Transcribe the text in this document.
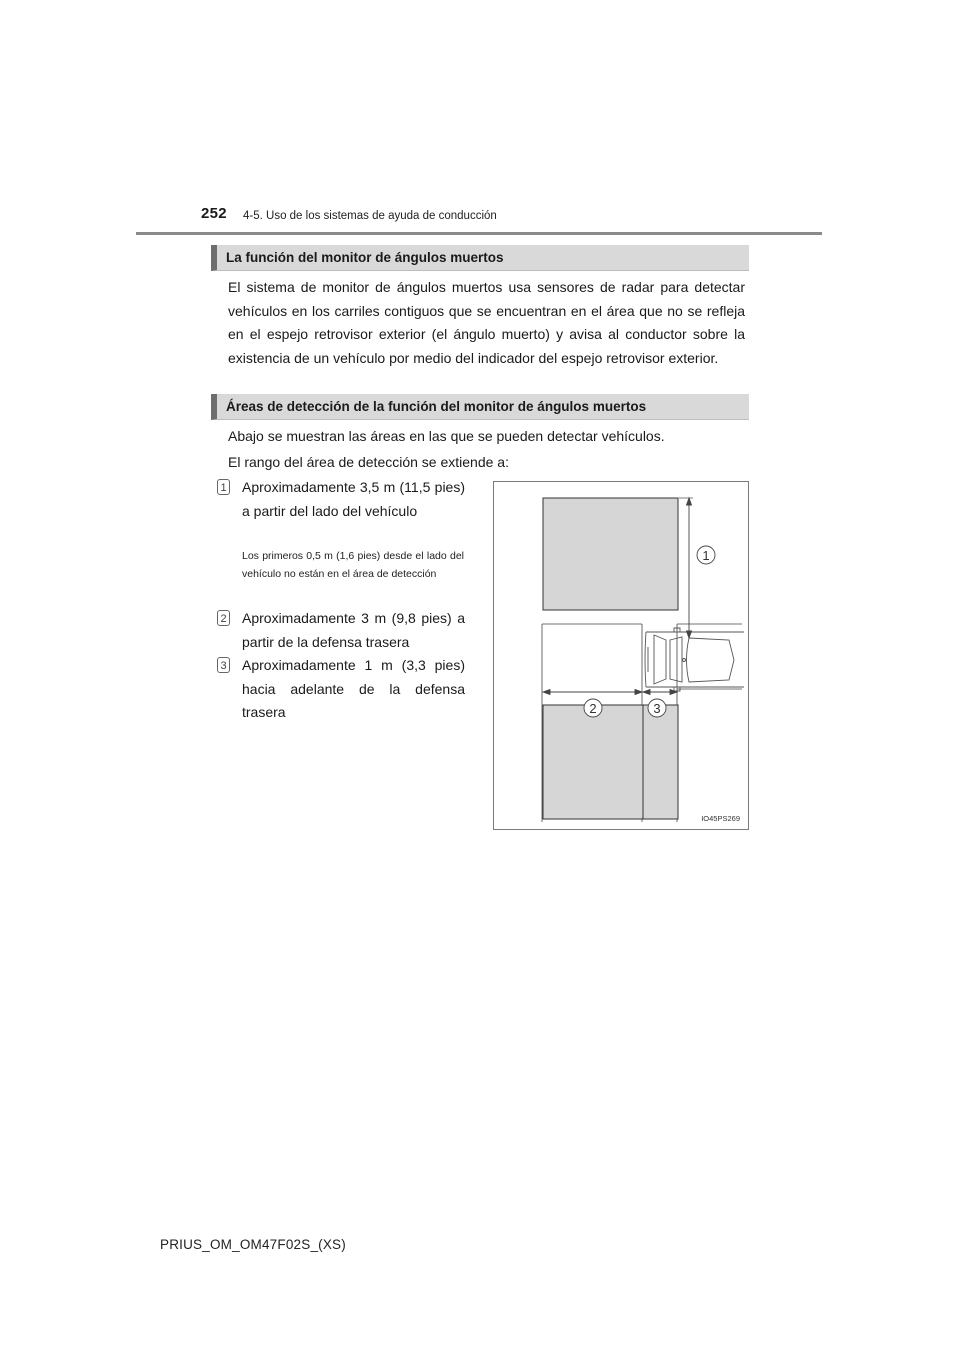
252 4-5. Uso de los sistemas de ayuda de conducción
La función del monitor de ángulos muertos
El sistema de monitor de ángulos muertos usa sensores de radar para detectar vehículos en los carriles contiguos que se encuentran en el área que no se refleja en el espejo retrovisor exterior (el ángulo muerto) y avisa al conductor sobre la existencia de un vehículo por medio del indicador del espejo retrovisor exterior.
Áreas de detección de la función del monitor de ángulos muertos
Abajo se muestran las áreas en las que se pueden detectar vehículos.
El rango del área de detección se extiende a:
1 Aproximadamente 3,5 m (11,5 pies) a partir del lado del vehículo
Los primeros 0,5 m (1,6 pies) desde el lado del vehículo no están en el área de detección
2 Aproximadamente 3 m (9,8 pies) a partir de la defensa trasera
3 Aproximadamente 1 m (3,3 pies) hacia adelante de la defensa trasera
1
2	3
IO45PS269
PRIUS_OM_OM47F02S_(XS)
